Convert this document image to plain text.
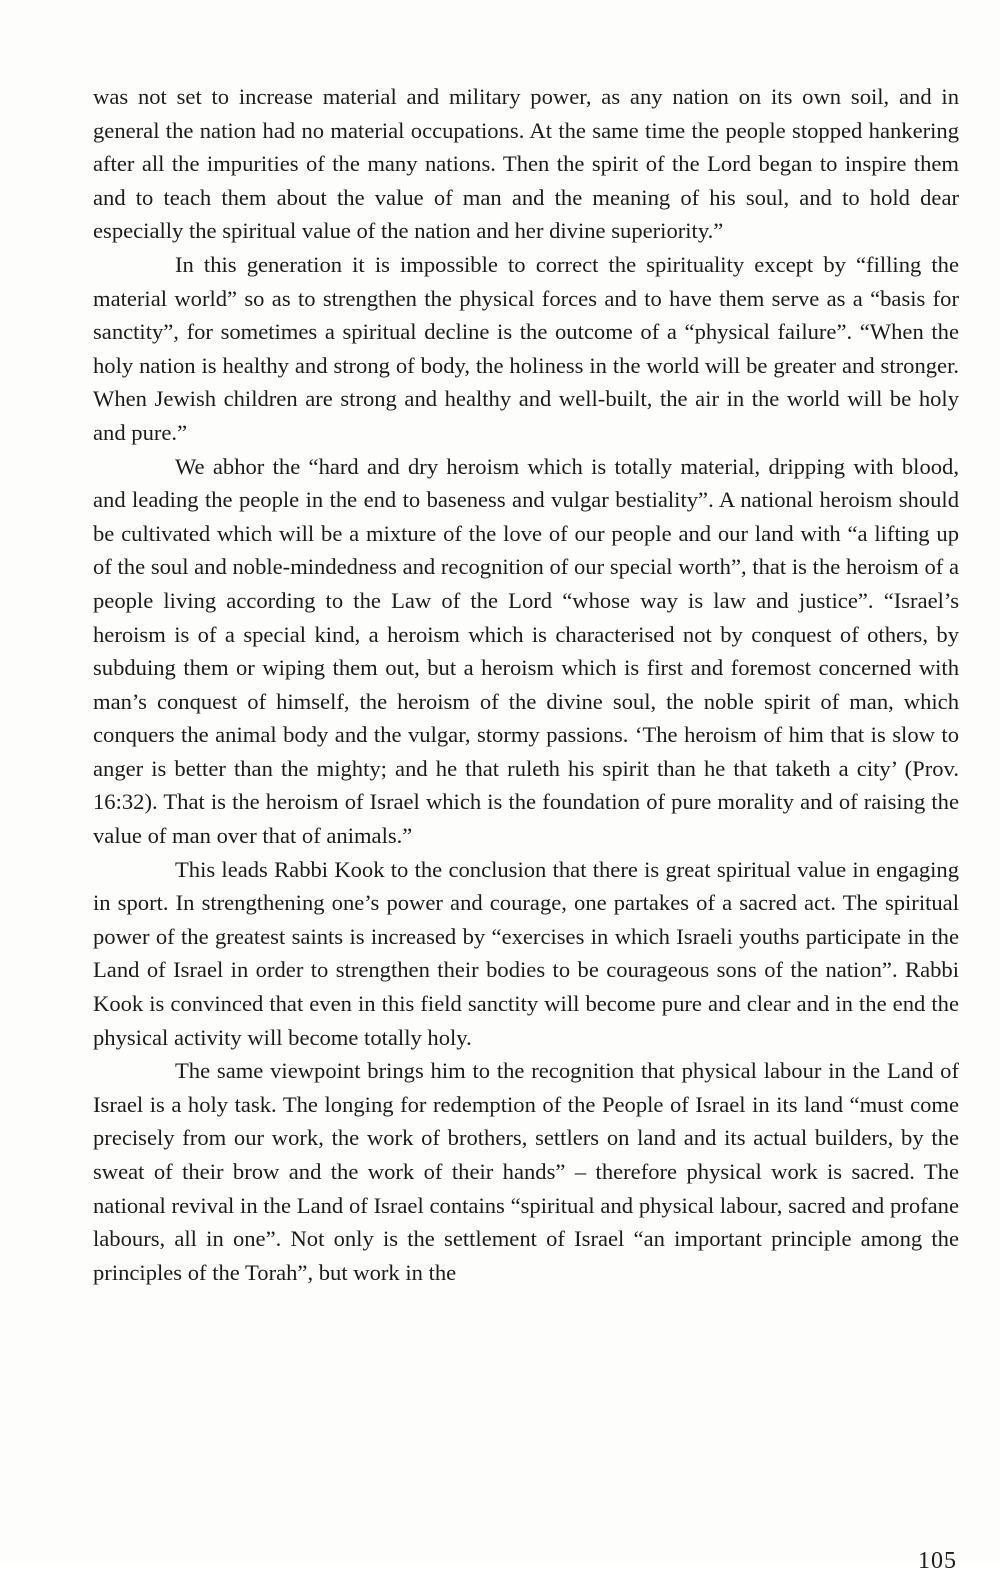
was not set to increase material and military power, as any nation on its own soil, and in general the nation had no material occupations. At the same time the people stopped hankering after all the impurities of the many nations. Then the spirit of the Lord began to inspire them and to teach them about the value of man and the meaning of his soul, and to hold dear especially the spiritual value of the nation and her divine superiority.”

In this generation it is impossible to correct the spirituality except by “filling the material world” so as to strengthen the physical forces and to have them serve as a “basis for sanctity”, for sometimes a spiritual decline is the outcome of a “physical failure”. “When the holy nation is healthy and strong of body, the holiness in the world will be greater and stronger. When Jewish children are strong and healthy and well-built, the air in the world will be holy and pure.”

We abhor the “hard and dry heroism which is totally material, dripping with blood, and leading the people in the end to baseness and vulgar bestiality”. A national heroism should be cultivated which will be a mixture of the love of our people and our land with “a lifting up of the soul and noble-mindedness and recognition of our special worth”, that is the heroism of a people living according to the Law of the Lord “whose way is law and justice”. “Israel’s heroism is of a special kind, a heroism which is characterised not by conquest of others, by subduing them or wiping them out, but a heroism which is first and foremost concerned with man’s conquest of himself, the heroism of the divine soul, the noble spirit of man, which conquers the animal body and the vulgar, stormy passions. ‘The heroism of him that is slow to anger is better than the mighty; and he that ruleth his spirit than he that taketh a city’ (Prov. 16:32). That is the heroism of Israel which is the foundation of pure morality and of raising the value of man over that of animals.”

This leads Rabbi Kook to the conclusion that there is great spiritual value in engaging in sport. In strengthening one’s power and courage, one partakes of a sacred act. The spiritual power of the greatest saints is increased by “exercises in which Israeli youths participate in the Land of Israel in order to strengthen their bodies to be courageous sons of the nation”. Rabbi Kook is convinced that even in this field sanctity will become pure and clear and in the end the physical activity will become totally holy.

The same viewpoint brings him to the recognition that physical labour in the Land of Israel is a holy task. The longing for redemption of the People of Israel in its land “must come precisely from our work, the work of brothers, settlers on land and its actual builders, by the sweat of their brow and the work of their hands” – therefore physical work is sacred. The national revival in the Land of Israel contains “spiritual and physical labour, sacred and profane labours, all in one”. Not only is the settlement of Israel “an important principle among the principles of the Torah”, but work in the

105
